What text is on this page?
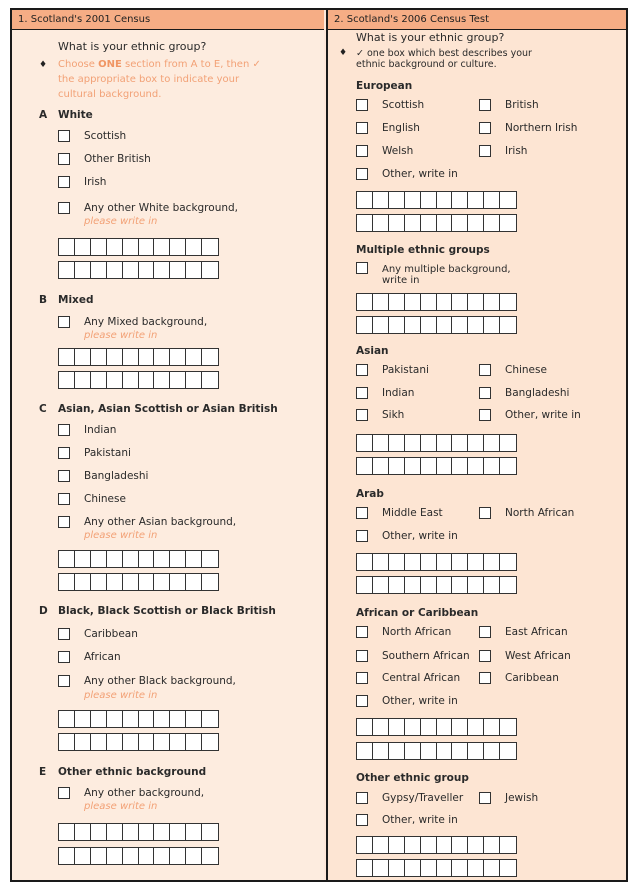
1. Scotland's 2001 Census
What is your ethnic group?
♦ Choose ONE section from A to E, then ✓ the appropriate box to indicate your cultural background.
A White
Scottish
Other British
Irish
Any other White background,
please write in
B Mixed
Any Mixed background,
please write in
C Asian, Asian Scottish or Asian British
Indian
Pakistani
Bangladeshi
Chinese
Any other Asian background,
please write in
D Black, Black Scottish or Black British
Caribbean
African
Any other Black background,
please write in
E Other ethnic background
Any other background,
please write in
2. Scotland's 2006 Census Test
What is your ethnic group?
♦ ✓ one box which best describes your ethnic background or culture.
European
Scottish	British
English	Northern Irish
Welsh	Irish
Other, write in
Multiple ethnic groups
Any multiple background,
write in
Asian
Pakistani	Chinese
Indian	Bangladeshi
Sikh	Other, write in
Arab
Middle East	North African
Other, write in
African or Caribbean
North African	East African
Southern African	West African
Central African	Caribbean
Other, write in
Other ethnic group
Gypsy/Traveller	Jewish
Other, write in
